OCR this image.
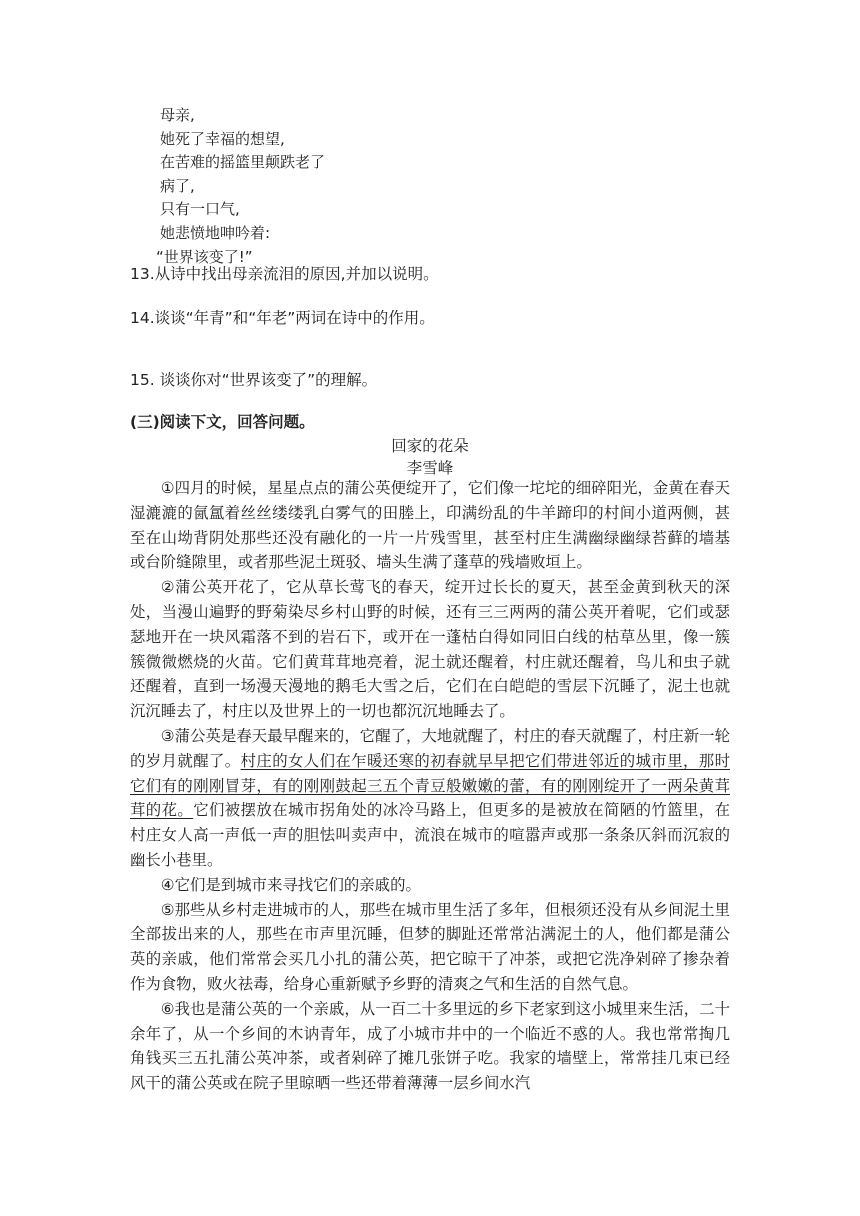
母亲,
她死了幸福的想望,
在苦难的摇篮里颠跌老了
病了,
只有一口气,
她悲愤地呻吟着:
“世界该变了!”
13.从诗中找出母亲流泪的原因,并加以说明。
14.谈谈“年青”和“年老”两词在诗中的作用。
15. 谈谈你对“世界该变了”的理解。
(三)阅读下文，回答问题。
回家的花朵
李雪峰

①四月的时候，星星点点的蒲公英便绽开了，它们像一坨坨的细碎阳光，金黄在春天湿漉漉的氤氲着丝丝缕缕乳白雾气的田塍上，印满纷乱的牛羊蹄印的村间小道两侧，甚至在山坳背阴处那些还没有融化的一片一片残雪里，甚至村庄生满幽绿幽绿苔藓的墙基或台阶缝隙里，或者那些泥土斑驳、墙头生满了蓬草的残墙败垣上。

②蒲公英开花了，它从草长莺飞的春天，绽开过长长的夏天，甚至金黄到秋天的深处，当漫山遍野的野菊染尽乡村山野的时候，还有三三两两的蒲公英开着呢，它们或瑟瑟地开在一块风霜落不到的岩石下，或开在一蓬枯白得如同旧白线的枯草丛里，像一簇簇微微燃烧的火苗。它们黄茸茸地亮着，泥土就还醒着，村庄就还醒着，鸟儿和虫子就还醒着，直到一场漫天漫地的鹅毛大雪之后，它们在白皑皑的雪层下沉睡了，泥土也就沉沉睡去了，村庄以及世界上的一切也都沉沉地睡去了。

③蒲公英是春天最早醒来的，它醒了，大地就醒了，村庄的春天就醒了，村庄新一轮的岁月就醒了。村庄的女人们在乍暖还寒的初春就早早把它们带进邻近的城市里，那时它们有的刚刚冒芽，有的刚刚鼓起三五个青豆般嫩嫩的蕾，有的刚刚绽开了一两朵黄茸茸的花。它们被摆放在城市拐角处的冰冷马路上，但更多的是被放在简陋的竹篮里，在村庄女人高一声低一声的胆怯叫卖声中，流浪在城市的喧嚣声或那一条条仄斜而沉寂的幽长小巷里。

④它们是到城市来寻找它们的亲戚的。

⑤那些从乡村走进城市的人，那些在城市里生活了多年，但根须还没有从乡间泥土里全部拔出来的人，那些在市声里沉睡，但梦的脚趾还常常沾满泥土的人，他们都是蒲公英的亲戚，他们常常会买几小扎的蒲公英，把它晾干了冲茶，或把它洗净剁碎了掺杂着作为食物，败火祛毒，给身心重新赋予乡野的清爽之气和生活的自然气息。

⑥我也是蒲公英的一个亲戚，从一百二十多里远的乡下老家到这小城里来生活，二十余年了，从一个乡间的木讷青年，成了小城市井中的一个临近不惑的人。我也常常掏几角钱买三五扎蒲公英冲茶，或者剁碎了摊几张饼子吃。我家的墙壁上，常常挂几束已经风干的蒲公英或在院子里晾晒一些还带着薄薄一层乡间水汽
